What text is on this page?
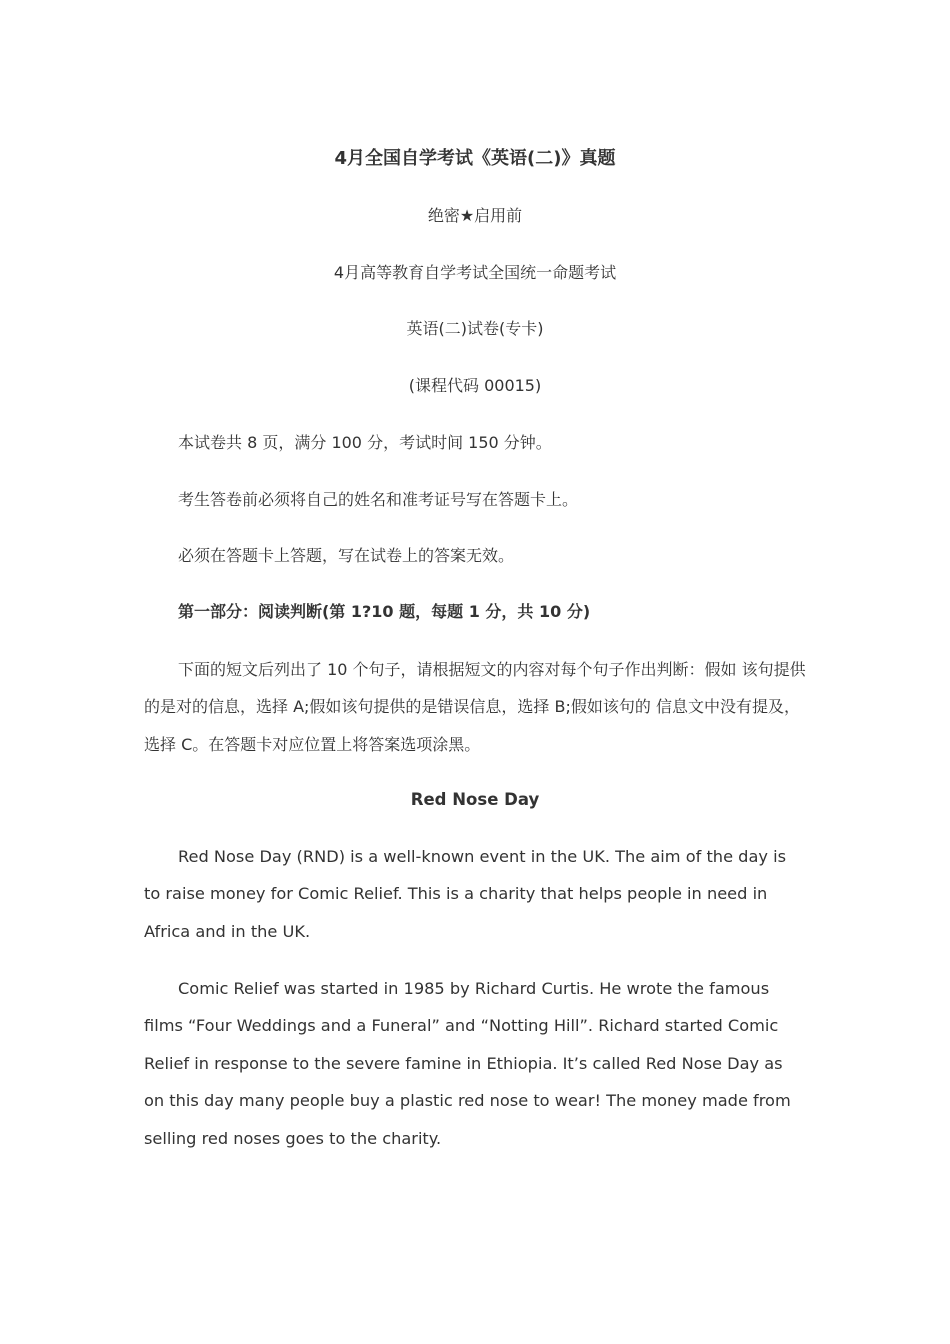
4月全国自学考试《英语(二)》真题
绝密★启用前
4月高等教育自学考试全国统一命题考试
英语(二)试卷(专卡)
(课程代码 00015)
本试卷共 8 页，满分 100 分，考试时间 150 分钟。
考生答卷前必须将自己的姓名和准考证号写在答题卡上。
必须在答题卡上答题，写在试卷上的答案无效。
第一部分：阅读判断(第 1?10 题，每题 1 分，共 10 分)
下面的短文后列出了 10 个句子，请根据短文的内容对每个句子作出判断：假如 该句提供的是对的信息，选择 A;假如该句提供的是错误信息，选择 B;假如该句的 信息文中没有提及，选择 C。在答题卡对应位置上将答案选项涂黑。
Red Nose Day
Red Nose Day (RND) is a well-known event in the UK. The aim of the day is to raise money for Comic Relief. This is a charity that helps people in need in Africa and in the UK.
Comic Relief was started in 1985 by Richard Curtis. He wrote the famous films “Four Weddings and a Funeral” and “Notting Hill”. Richard started Comic Relief in response to the severe famine in Ethiopia. It’s called Red Nose Day as on this day many people buy a plastic red nose to wear! The money made from selling red noses goes to the charity.
